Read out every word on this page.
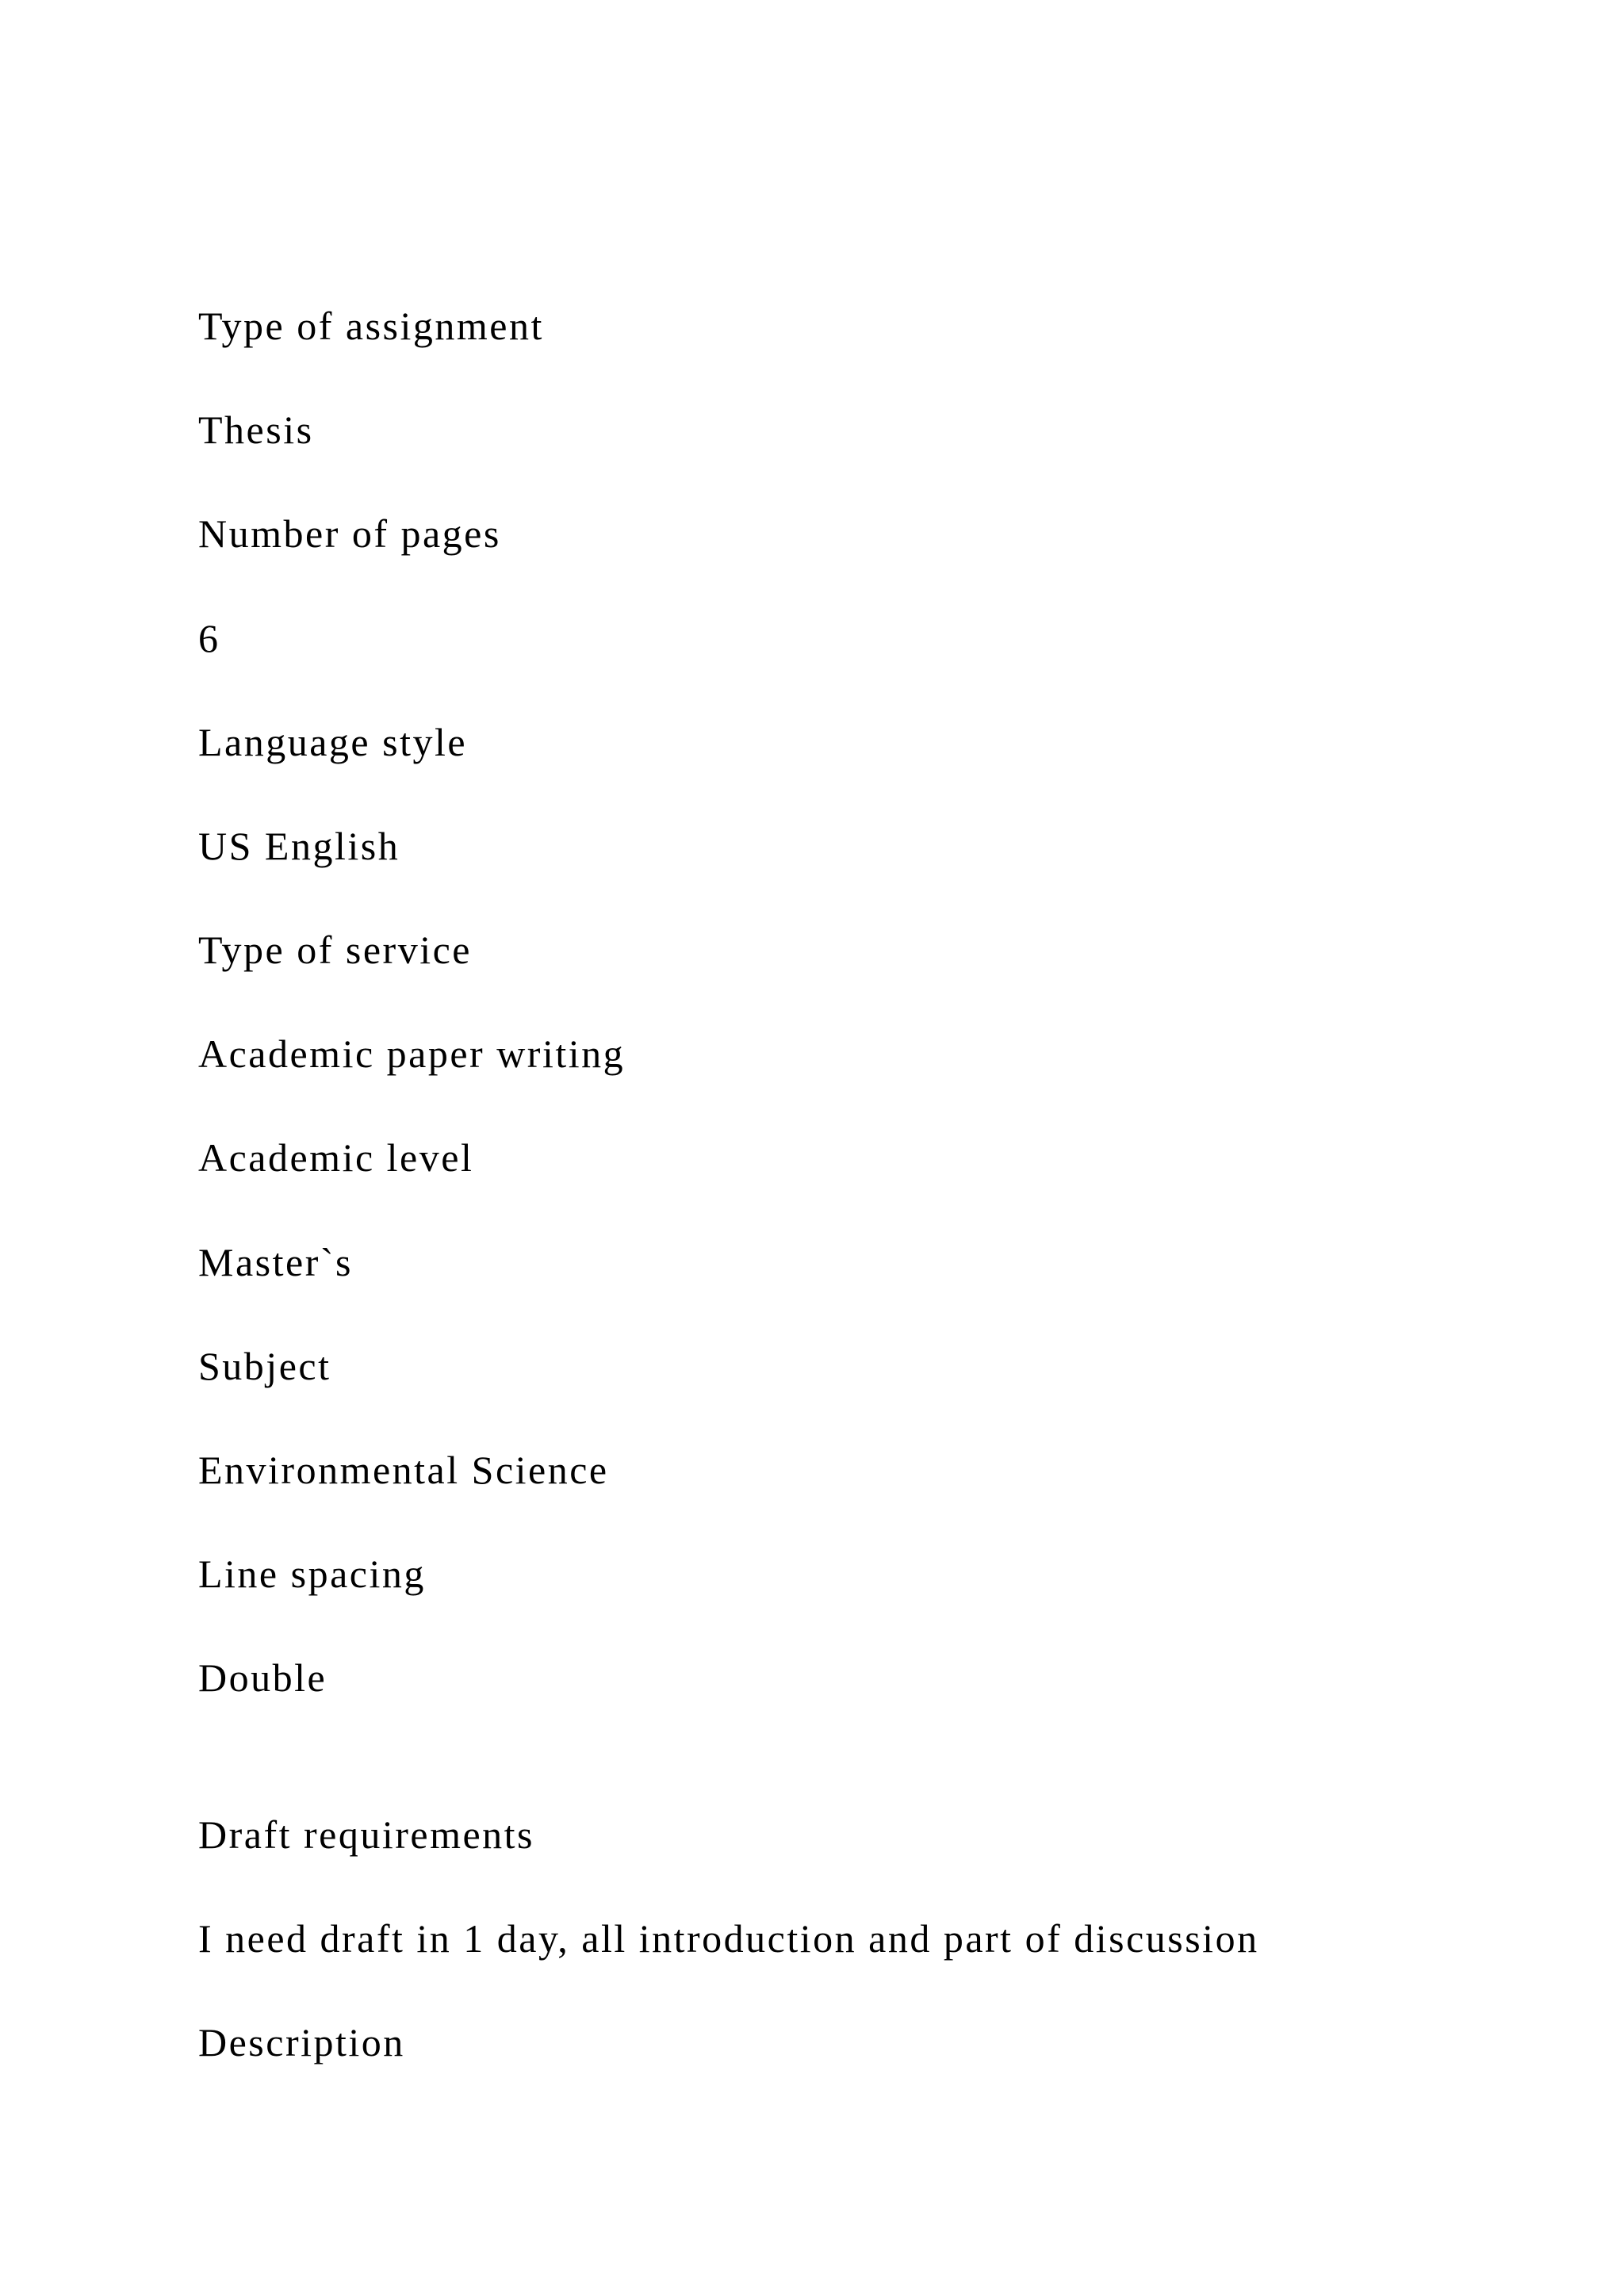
Type of assignment

Thesis

Number of pages

6

Language style

US English

Type of service

Academic paper writing

Academic level

Master`s

Subject

Environmental Science

Line spacing

Double

Draft requirements

I need draft in 1 day, all introduction and part of discussion

Description
